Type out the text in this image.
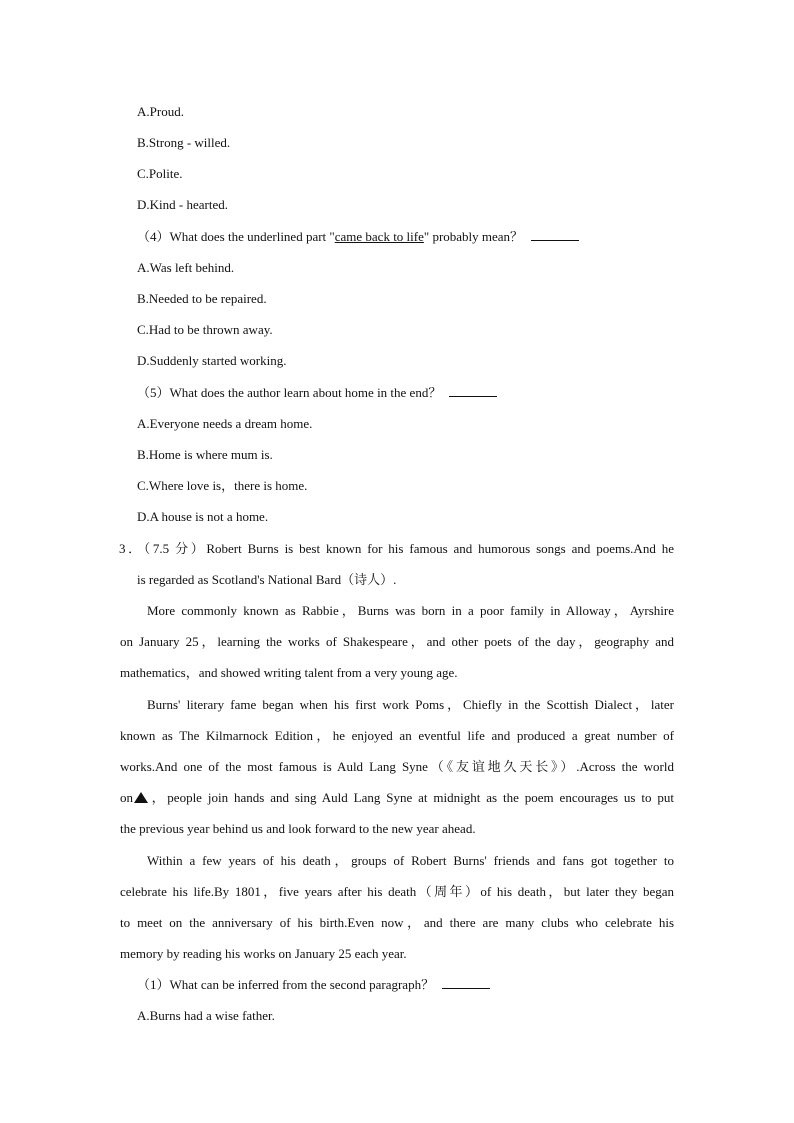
A.Proud.
B.Strong - willed.
C.Polite.
D.Kind - hearted.
（4）What does the underlined part "came back to life" probably mean？
A.Was left behind.
B.Needed to be repaired.
C.Had to be thrown away.
D.Suddenly started working.
（5）What does the author learn about home in the end？
A.Everyone needs a dream home.
B.Home is where mum is.
C.Where love is，there is home.
D.A house is not a home.
3．（7.5 分）Robert Burns is best known for his famous and humorous songs and poems.And he
is regarded as Scotland's National Bard（诗人）.
More commonly known as Rabbie，Burns was born in a poor family in Alloway，Ayrshire
on January 25，learning the works of Shakespeare，and other poets of the day，geography and
mathematics，and showed writing talent from a very young age.
Burns' literary fame began when his first work Poms，Chiefly in the Scottish Dialect，later
known as The Kilmarnock Edition，he enjoyed an eventful life and produced a great number of
works.And one of the most famous is Auld Lang Syne（《友谊地久天长》）.Across the world
on ，people join hands and sing Auld Lang Syne at midnight as the poem encourages us to put
the previous year behind us and look forward to the new year ahead.
Within a few years of his death，groups of Robert Burns' friends and fans got together to
celebrate his life.By 1801，five years after his death（周年）of his death，but later they began
to meet on the anniversary of his birth.Even now，and there are many clubs who celebrate his
memory by reading his works on January 25 each year.
（1）What can be inferred from the second paragraph？
A.Burns had a wise father.
